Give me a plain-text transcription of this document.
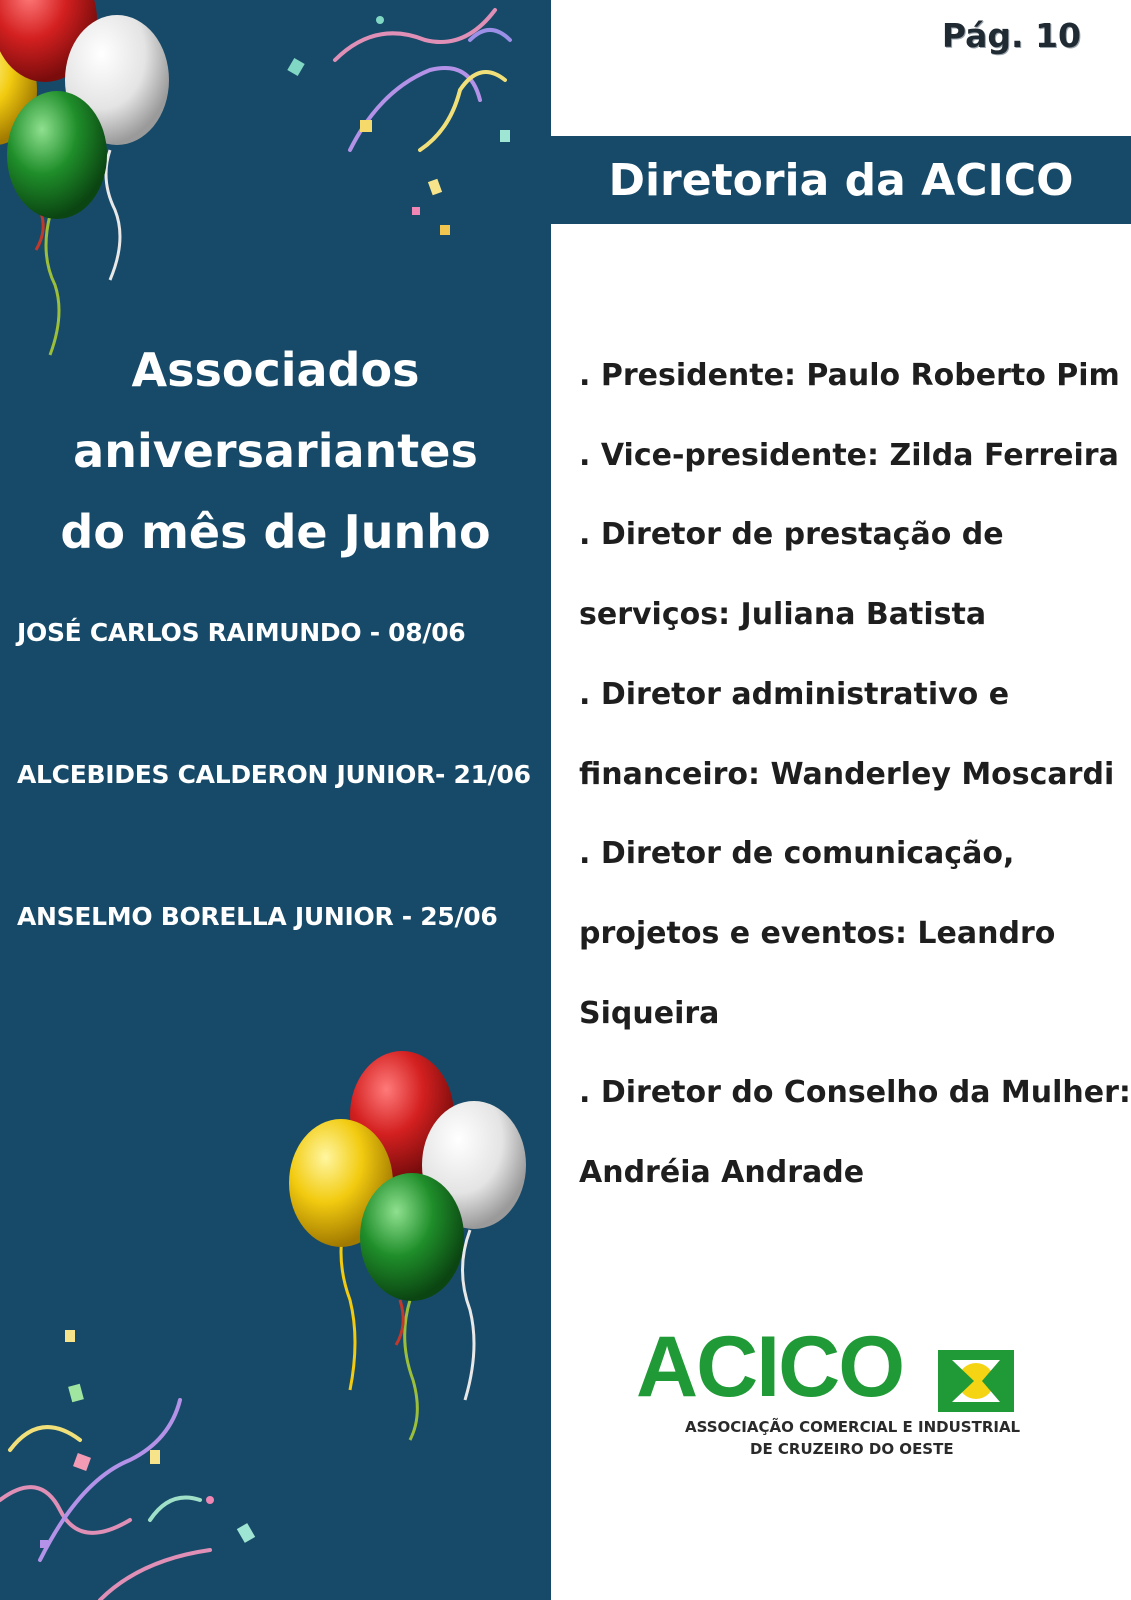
Associados
aniversariantes
do mês de Junho
JOSÉ CARLOS RAIMUNDO - 08/06
ALCEBIDES CALDERON JUNIOR- 21/06
ANSELMO BORELLA JUNIOR - 25/06
Pág. 10
Diretoria da ACICO
. Presidente: Paulo Roberto Pim
. Vice-presidente: Zilda Ferreira
. Diretor de prestação de
serviços: Juliana Batista
. Diretor administrativo e
financeiro: Wanderley Moscardi
. Diretor de comunicação,
projetos e eventos: Leandro
Siqueira
. Diretor do Conselho da Mulher:
Andréia Andrade
ACICO
ASSOCIAÇÃO COMERCIAL E INDUSTRIAL
DE CRUZEIRO DO OESTE
